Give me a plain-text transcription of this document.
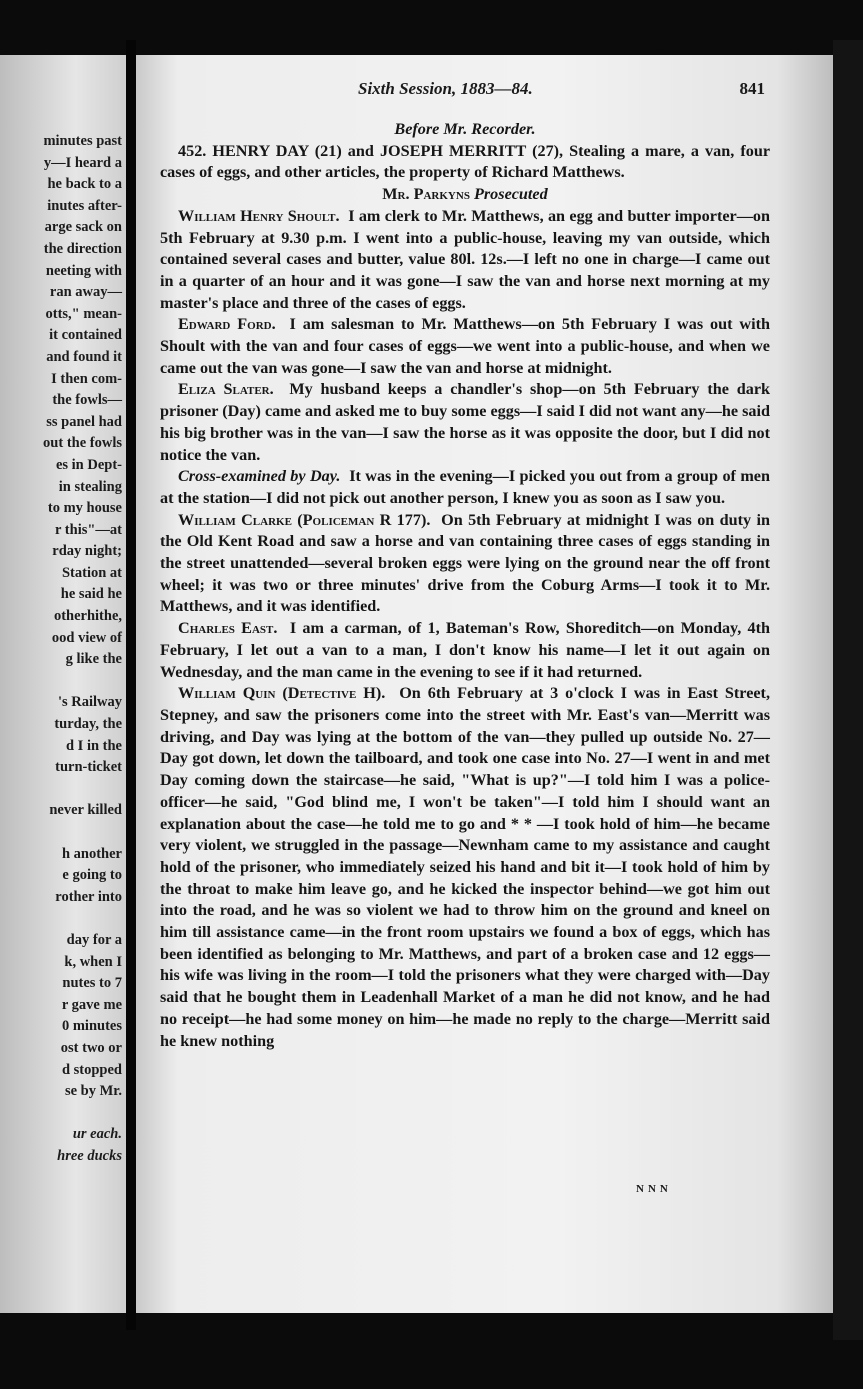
minutes past
y—I heard a
he back to a
inutes after-
arge sack on
the direction
neeting with
ran away—
otts," mean-
it contained
and found it
I then com-
the fowls—
ss panel had
out the fowls
es in Dept-
in stealing
to my house
r this"—at
rday night;
Station at
he said he
otherhithe,
ood view of
g like the
's Railway
turday, the
d I in the
turn-ticket
never killed
h another
e going to
rother into
day for a
k, when I
nutes to 7
r gave me
0 minutes
ost two or
d stopped
se by Mr.
ur each.
hree ducks
Sixth Session, 1883—84.	841

Before Mr. Recorder.

452. HENRY DAY (21) and JOSEPH MERRITT (27), Stealing a mare, a van, four cases of eggs, and other articles, the property of Richard Matthews.

Mr. Parkyns Prosecuted

William Henry Shoult. I am clerk to Mr. Matthews, an egg and butter importer—on 5th February at 9.30 p.m. I went into a public-house, leaving my van outside, which contained several cases and butter, value 80l. 12s.—I left no one in charge—I came out in a quarter of an hour and it was gone—I saw the van and horse next morning at my master's place and three of the cases of eggs.

Edward Ford. I am salesman to Mr. Matthews—on 5th February I was out with Shoult with the van and four cases of eggs—we went into a public-house, and when we came out the van was gone—I saw the van and horse at midnight.

Eliza Slater. My husband keeps a chandler's shop—on 5th February the dark prisoner (Day) came and asked me to buy some eggs—I said I did not want any—he said his big brother was in the van—I saw the horse as it was opposite the door, but I did not notice the van.

Cross-examined by Day. It was in the evening—I picked you out from a group of men at the station—I did not pick out another person, I knew you as soon as I saw you.

William Clarke (Policeman R 177). On 5th February at midnight I was on duty in the Old Kent Road and saw a horse and van containing three cases of eggs standing in the street unattended—several broken eggs were lying on the ground near the off front wheel; it was two or three minutes' drive from the Coburg Arms—I took it to Mr. Matthews, and it was identified.

Charles East. I am a carman, of 1, Bateman's Row, Shoreditch—on Monday, 4th February, I let out a van to a man, I don't know his name—I let it out again on Wednesday, and the man came in the evening to see if it had returned.

William Quin (Detective H). On 6th February at 3 o'clock I was in East Street, Stepney, and saw the prisoners come into the street with Mr. East's van—Merritt was driving, and Day was lying at the bottom of the van—they pulled up outside No. 27—Day got down, let down the tailboard, and took one case into No. 27—I went in and met Day coming down the staircase—he said, "What is up?"—I told him I was a police-officer—he said, "God blind me, I won't be taken"—I told him I should want an explanation about the case—he told me to go and * * —I took hold of him—he became very violent, we struggled in the passage—Newnham came to my assistance and caught hold of the prisoner, who immediately seized his hand and bit it—I took hold of him by the throat to make him leave go, and he kicked the inspector behind—we got him out into the road, and he was so violent we had to throw him on the ground and kneel on him till assistance came—in the front room upstairs we found a box of eggs, which has been identified as belonging to Mr. Matthews, and part of a broken case and 12 eggs—his wife was living in the room—I told the prisoners what they were charged with—Day said that he bought them in Leadenhall Market of a man he did not know, and he had no receipt—he had some money on him—he made no reply to the charge—Merritt said he knew nothing

NNN
